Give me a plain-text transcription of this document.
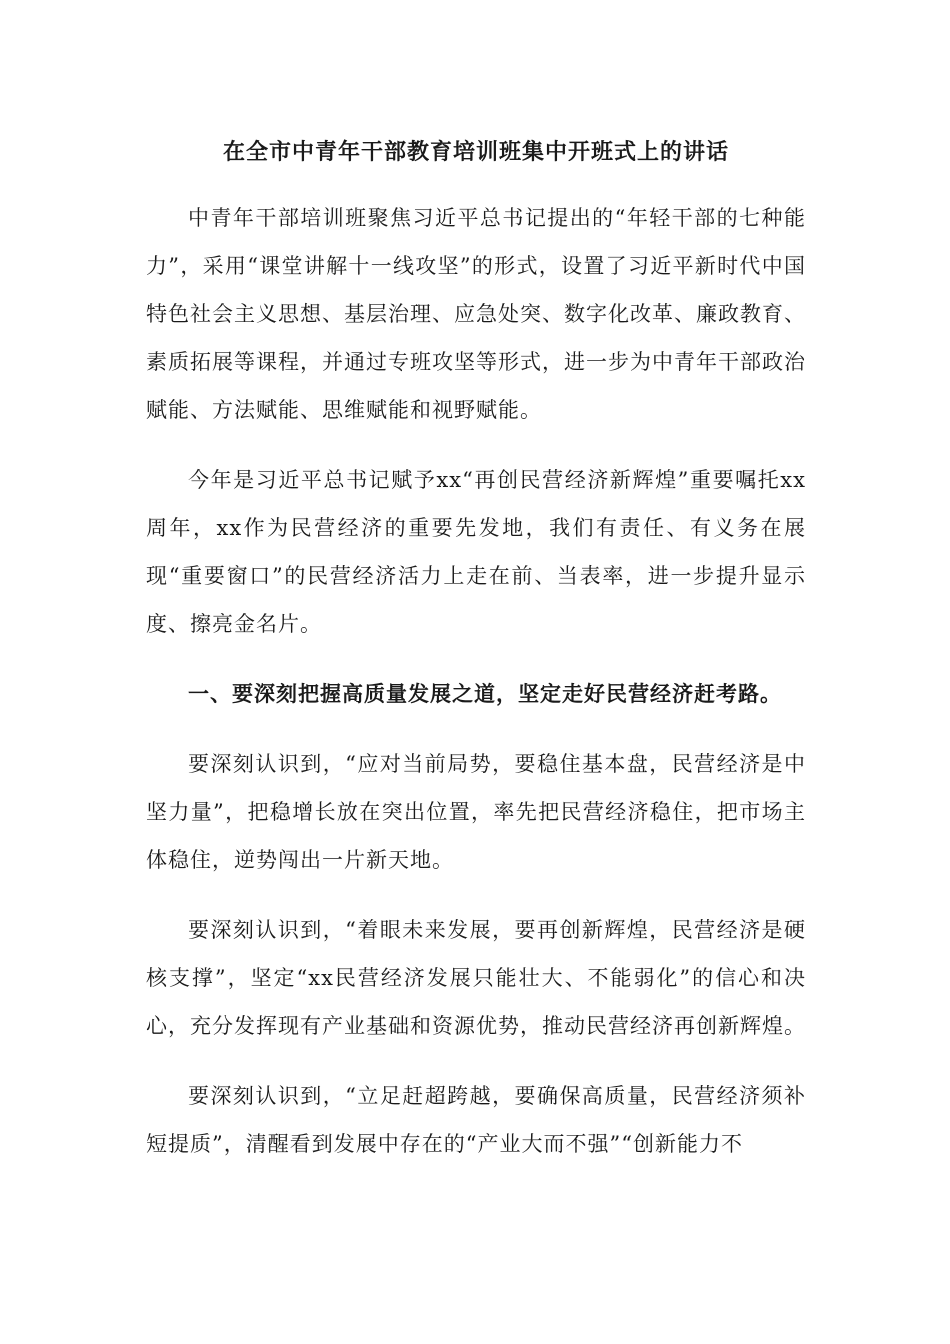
在全市中青年干部教育培训班集中开班式上的讲话

中青年干部培训班聚焦习近平总书记提出的“年轻干部的七种能力”，采用“课堂讲解十一线攻坚”的形式，设置了习近平新时代中国特色社会主义思想、基层治理、应急处突、数字化改革、廉政教育、素质拓展等课程，并通过专班攻坚等形式，进一步为中青年干部政治赋能、方法赋能、思维赋能和视野赋能。

今年是习近平总书记赋予xx“再创民营经济新辉煌”重要嘱托xx周年，xx作为民营经济的重要先发地，我们有责任、有义务在展现“重要窗口”的民营经济活力上走在前、当表率，进一步提升显示度、擦亮金名片。

一、要深刻把握高质量发展之道，坚定走好民营经济赶考路。

要深刻认识到，“应对当前局势，要稳住基本盘，民营经济是中坚力量”，把稳增长放在突出位置，率先把民营经济稳住，把市场主体稳住，逆势闯出一片新天地。

要深刻认识到，“着眼未来发展，要再创新辉煌，民营经济是硬核支撑”，坚定“xx民营经济发展只能壮大、不能弱化”的信心和决心，充分发挥现有产业基础和资源优势，推动民营经济再创新辉煌。

要深刻认识到，“立足赶超跨越，要确保高质量，民营经济须补短提质”，清醒看到发展中存在的“产业大而不强”“创新能力不
